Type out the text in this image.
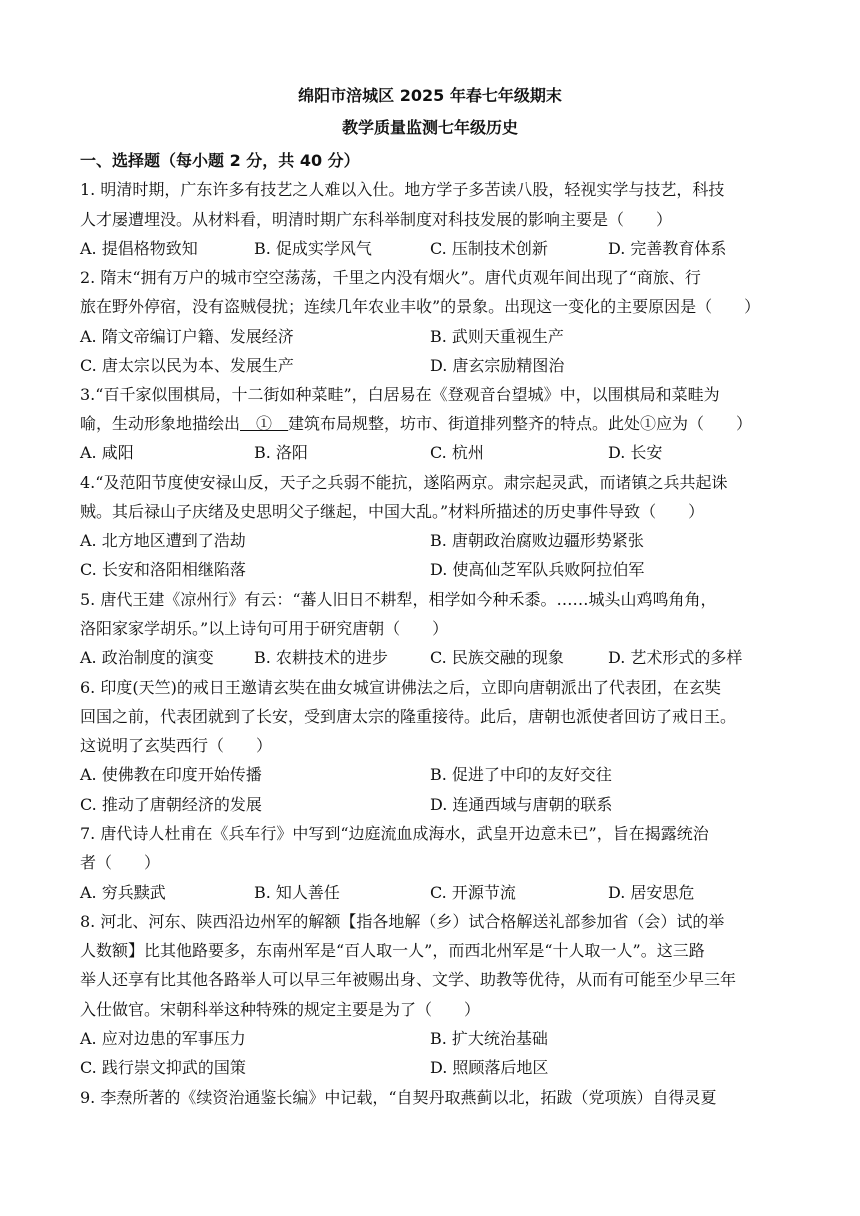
绵阳市涪城区 2025 年春七年级期末
教学质量监测七年级历史
一、选择题（每小题 2 分，共 40 分）
1. 明清时期，广东许多有技艺之人难以入仕。地方学子多苦读八股，轻视实学与技艺，科技
人才屡遭埋没。从材料看，明清时期广东科举制度对科技发展的影响主要是（　　）
A. 提倡格物致知	B. 促成实学风气	C. 压制技术创新	D. 完善教育体系
2. 隋末“拥有万户的城市空空荡荡，千里之内没有烟火”。唐代贞观年间出现了“商旅、行
旅在野外停宿，没有盗贼侵扰；连续几年农业丰收”的景象。出现这一变化的主要原因是（　　）
A. 隋文帝编订户籍、发展经济	B. 武则天重视生产
C. 唐太宗以民为本、发展生产	D. 唐玄宗励精图治
3.“百千家似围棋局，十二街如种菜畦”，白居易在《登观音台望城》中，以围棋局和菜畦为
喻，生动形象地描绘出　①　建筑布局规整，坊市、街道排列整齐的特点。此处①应为（　　）
A. 咸阳	B. 洛阳	C. 杭州	D. 长安
4.“及范阳节度使安禄山反，天子之兵弱不能抗，遂陷两京。肃宗起灵武，而诸镇之兵共起诛
贼。其后禄山子庆绪及史思明父子继起，中国大乱。”材料所描述的历史事件导致（　　）
A. 北方地区遭到了浩劫	B. 唐朝政治腐败边疆形势紧张
C. 长安和洛阳相继陷落	D. 使高仙芝军队兵败阿拉伯军
5. 唐代王建《凉州行》有云：“蕃人旧日不耕犁，相学如今种禾黍。……城头山鸡鸣角角，
洛阳家家学胡乐。”以上诗句可用于研究唐朝（　　）
A. 政治制度的演变	B. 农耕技术的进步	C. 民族交融的现象	D. 艺术形式的多样
6. 印度(天竺)的戒日王邀请玄奘在曲女城宣讲佛法之后，立即向唐朝派出了代表团，在玄奘
回国之前，代表团就到了长安，受到唐太宗的隆重接待。此后，唐朝也派使者回访了戒日王。
这说明了玄奘西行（　　）
A. 使佛教在印度开始传播	B. 促进了中印的友好交往
C. 推动了唐朝经济的发展	D. 连通西域与唐朝的联系
7. 唐代诗人杜甫在《兵车行》中写到“边庭流血成海水，武皇开边意未已”，旨在揭露统治
者（　　）
A. 穷兵黩武	B. 知人善任	C. 开源节流	D. 居安思危
8. 河北、河东、陕西沿边州军的解额【指各地解（乡）试合格解送礼部参加省（会）试的举
人数额】比其他路要多，东南州军是“百人取一人”，而西北州军是“十人取一人”。这三路
举人还享有比其他各路举人可以早三年被赐出身、文学、助教等优待，从而有可能至少早三年
入仕做官。宋朝科举这种特殊的规定主要是为了（　　）
A. 应对边患的军事压力	B. 扩大统治基础
C. 践行崇文抑武的国策	D. 照顾落后地区
9. 李焘所著的《续资治通鉴长编》中记载，“自契丹取燕蓟以北，拓跋（党项族）自得灵夏
